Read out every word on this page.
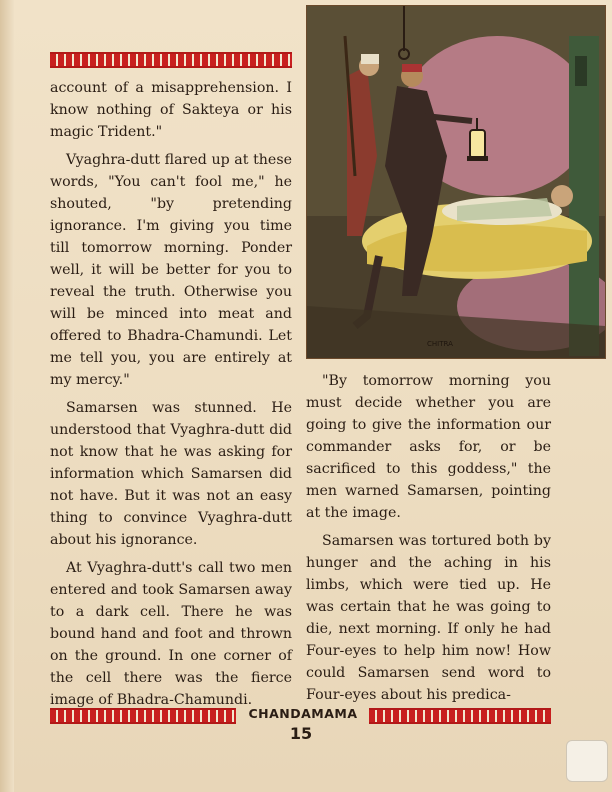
account of a misapprehension. I know nothing of Sakteya or his magic Trident."

Vyaghra-dutt flared up at these words, "You can't fool me," he shouted, "by pretending ignorance. I'm giving you time till tomorrow morning. Ponder well, it will be better for you to reveal the truth. Otherwise you will be minced into meat and offered to Bhadra-Chamundi. Let me tell you, you are entirely at my mercy."

Samarsen was stunned. He understood that Vyaghra-dutt did not know that he was asking for information which Samarsen did not have. But it was not an easy thing to convince Vyaghra-dutt about his ignorance.

At Vyaghra-dutt's call two men entered and took Samarsen away to a dark cell. There he was bound hand and foot and thrown on the ground. In one corner of the cell there was the fierce image of Bhadra-Chamundi.

CHITRA

"By tomorrow morning you must decide whether you are going to give the information our commander asks for, or be sacrificed to this goddess," the men warned Samarsen, pointing at the image.

Samarsen was tortured both by hunger and the aching in his limbs, which were tied up. He was certain that he was going to die, next morning. If only he had Four-eyes to help him now! How could Samarsen send word to Four-eyes about his predica-

CHANDAMAMA
15
